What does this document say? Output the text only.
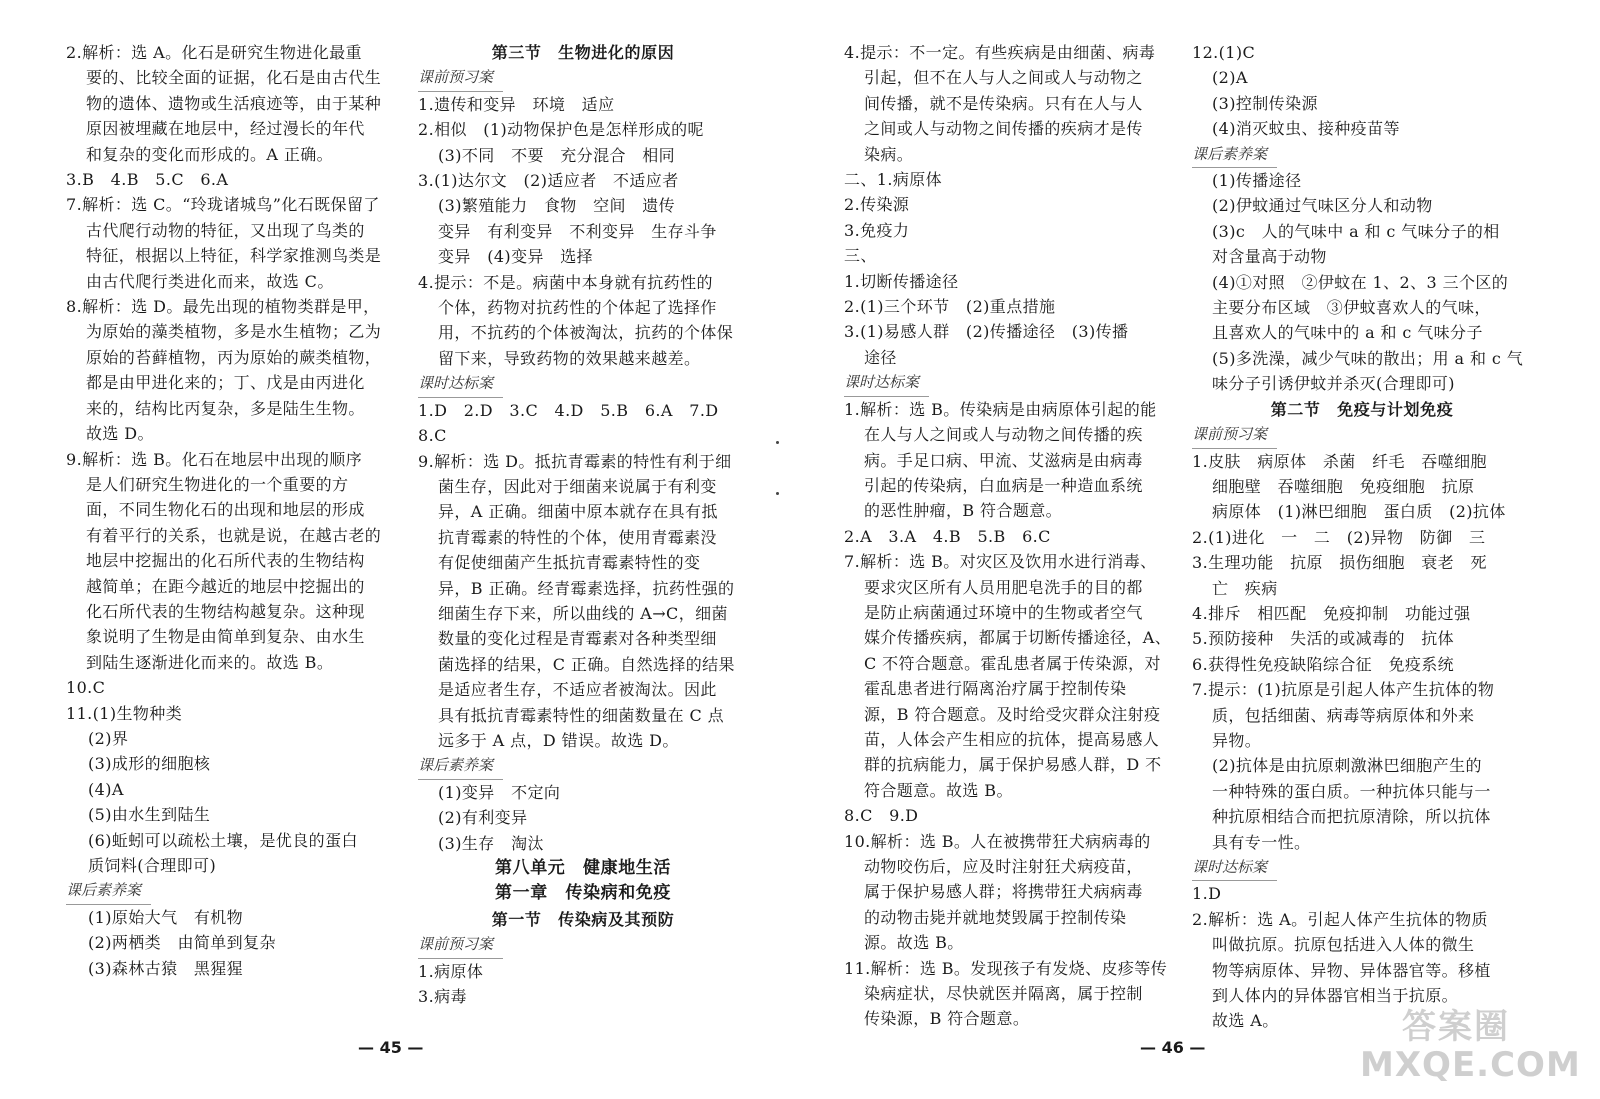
2.解析：选 A。化石是研究生物进化最重
要的、比较全面的证据，化石是由古代生
物的遗体、遗物或生活痕迹等，由于某种
原因被埋藏在地层中，经过漫长的年代
和复杂的变化而形成的。A 正确。
3.B　4.B　5.C　6.A
7.解析：选 C。“玲珑诸城鸟”化石既保留了
古代爬行动物的特征，又出现了鸟类的
特征，根据以上特征，科学家推测鸟类是
由古代爬行类进化而来，故选 C。
8.解析：选 D。最先出现的植物类群是甲，
为原始的藻类植物，多是水生植物；乙为
原始的苔藓植物，丙为原始的蕨类植物，
都是由甲进化来的；丁、戊是由丙进化
来的，结构比丙复杂，多是陆生生物。
故选 D。
9.解析：选 B。化石在地层中出现的顺序
是人们研究生物进化的一个重要的方
面，不同生物化石的出现和地层的形成
有着平行的关系，也就是说，在越古老的
地层中挖掘出的化石所代表的生物结构
越简单；在距今越近的地层中挖掘出的
化石所代表的生物结构越复杂。这种现
象说明了生物是由简单到复杂、由水生
到陆生逐渐进化而来的。故选 B。
10.C
11.(1)生物种类
(2)界
(3)成形的细胞核
(4)A
(5)由水生到陆生
(6)蚯蚓可以疏松土壤，是优良的蛋白
质饲料(合理即可)
课后素养案
(1)原始大气　有机物
(2)两栖类　由简单到复杂
(3)森林古猿　黑猩猩
第三节　生物进化的原因
课前预习案
1.遗传和变异　环境　适应
2.相似　(1)动物保护色是怎样形成的呢
(3)不同　不要　充分混合　相同
3.(1)达尔文　(2)适应者　不适应者
(3)繁殖能力　食物　空间　遗传
变异　有利变异　不利变异　生存斗争
变异　(4)变异　选择
4.提示：不是。病菌中本身就有抗药性的
个体，药物对抗药性的个体起了选择作
用，不抗药的个体被淘汰，抗药的个体保
留下来，导致药物的效果越来越差。
课时达标案
1.D　2.D　3.C　4.D　5.B　6.A　7.D
8.C
9.解析：选 D。抵抗青霉素的特性有利于细
菌生存，因此对于细菌来说属于有利变
异，A 正确。细菌中原本就存在具有抵
抗青霉素的特性的个体，使用青霉素没
有促使细菌产生抵抗青霉素特性的变
异，B 正确。经青霉素选择，抗药性强的
细菌生存下来，所以曲线的 A→C，细菌
数量的变化过程是青霉素对各种类型细
菌选择的结果，C 正确。自然选择的结果
是适应者生存，不适应者被淘汰。因此
具有抵抗青霉素特性的细菌数量在 C 点
远多于 A 点，D 错误。故选 D。
课后素养案
(1)变异　不定向
(2)有利变异
(3)生存　淘汰
第八单元　健康地生活
第一章　传染病和免疫
第一节　传染病及其预防
课前预习案
1.病原体
3.病毒
— 45 —
4.提示：不一定。有些疾病是由细菌、病毒
引起，但不在人与人之间或人与动物之
间传播，就不是传染病。只有在人与人
之间或人与动物之间传播的疾病才是传
染病。
二、1.病原体
2.传染源
3.免疫力
三、
1.切断传播途径
2.(1)三个环节　(2)重点措施
3.(1)易感人群　(2)传播途径　(3)传播
途径
课时达标案
1.解析：选 B。传染病是由病原体引起的能
在人与人之间或人与动物之间传播的疾
病。手足口病、甲流、艾滋病是由病毒
引起的传染病，白血病是一种造血系统
的恶性肿瘤，B 符合题意。
2.A　3.A　4.B　5.B　6.C
7.解析：选 B。对灾区及饮用水进行消毒、
要求灾区所有人员用肥皂洗手的目的都
是防止病菌通过环境中的生物或者空气
媒介传播疾病，都属于切断传播途径，A、
C 不符合题意。霍乱患者属于传染源，对
霍乱患者进行隔离治疗属于控制传染
源，B 符合题意。及时给受灾群众注射疫
苗，人体会产生相应的抗体，提高易感人
群的抗病能力，属于保护易感人群，D 不
符合题意。故选 B。
8.C　9.D
10.解析：选 B。人在被携带狂犬病病毒的
动物咬伤后，应及时注射狂犬病疫苗，
属于保护易感人群；将携带狂犬病病毒
的动物击毙并就地焚毁属于控制传染
源。故选 B。
11.解析：选 B。发现孩子有发烧、皮疹等传
染病症状，尽快就医并隔离，属于控制
传染源，B 符合题意。
12.(1)C
(2)A
(3)控制传染源
(4)消灭蚊虫、接种疫苗等
课后素养案
(1)传播途径
(2)伊蚊通过气味区分人和动物
(3)c　人的气味中 a 和 c 气味分子的相
对含量高于动物
(4)①对照　②伊蚊在 1、2、3 三个区的
主要分布区域　③伊蚊喜欢人的气味，
且喜欢人的气味中的 a 和 c 气味分子
(5)多洗澡，减少气味的散出；用 a 和 c 气
味分子引诱伊蚊并杀灭(合理即可)
第二节　免疫与计划免疫
课前预习案
1.皮肤　病原体　杀菌　纤毛　吞噬细胞
细胞壁　吞噬细胞　免疫细胞　抗原
病原体　(1)淋巴细胞　蛋白质　(2)抗体
2.(1)进化　一　二　(2)异物　防御　三
3.生理功能　抗原　损伤细胞　衰老　死
亡　疾病
4.排斥　相匹配　免疫抑制　功能过强
5.预防接种　失活的或减毒的　抗体
6.获得性免疫缺陷综合征　免疫系统
7.提示：(1)抗原是引起人体产生抗体的物
质，包括细菌、病毒等病原体和外来
异物。
(2)抗体是由抗原刺激淋巴细胞产生的
一种特殊的蛋白质。一种抗体只能与一
种抗原相结合而把抗原清除，所以抗体
具有专一性。
课时达标案
1.D
2.解析：选 A。引起人体产生抗体的物质
叫做抗原。抗原包括进入人体的微生
物等病原体、异物、异体器官等。移植
到人体内的异体器官相当于抗原。
故选 A。
— 46 —
答案圈
MXQE.COM
